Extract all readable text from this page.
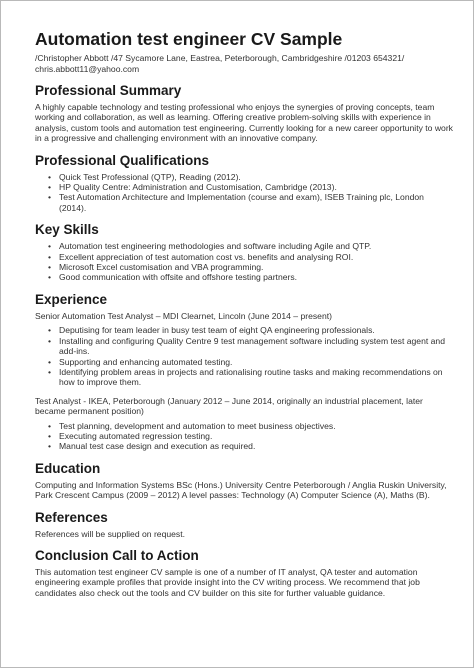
Automation test engineer CV Sample
/Christopher Abbott /47 Sycamore Lane, Eastrea, Peterborough, Cambridgeshire /01203 654321/ chris.abbott11@yahoo.com
Professional Summary
A highly capable technology and testing professional who enjoys the synergies of proving concepts, team working and collaboration, as well as learning. Offering creative problem-solving skills with experience in analysis, custom tools and automation test engineering. Currently looking for a new career opportunity to work in a progressive and challenging environment with an innovative company.
Professional Qualifications
• Quick Test Professional (QTP), Reading (2012).
• HP Quality Centre: Administration and Customisation, Cambridge (2013).
• Test Automation Architecture and Implementation (course and exam), ISEB Training plc, London (2014).
Key Skills
• Automation test engineering methodologies and software including Agile and QTP.
• Excellent appreciation of test automation cost vs. benefits and analysing ROI.
• Microsoft Excel customisation and VBA programming.
• Good communication with offsite and offshore testing partners.
Experience
Senior Automation Test Analyst – MDI Clearnet, Lincoln (June 2014 – present)
• Deputising for team leader in busy test team of eight QA engineering professionals.
• Installing and configuring Quality Centre 9 test management software including system test agent and add-ins.
• Supporting and enhancing automated testing.
• Identifying problem areas in projects and rationalising routine tasks and making recommendations on how to improve them.
Test Analyst - IKEA, Peterborough (January 2012 – June 2014, originally an industrial placement, later became permanent position)
• Test planning, development and automation to meet business objectives.
• Executing automated regression testing.
• Manual test case design and execution as required.
Education
Computing and Information Systems BSc (Hons.) University Centre Peterborough / Anglia Ruskin University, Park Crescent Campus (2009 – 2012) A level passes: Technology (A) Computer Science (A), Maths (B).
References
References will be supplied on request.
Conclusion Call to Action
This automation test engineer CV sample is one of a number of IT analyst, QA tester and automation engineering example profiles that provide insight into the CV writing process. We recommend that job candidates also check out the tools and CV builder on this site for further valuable guidance.
